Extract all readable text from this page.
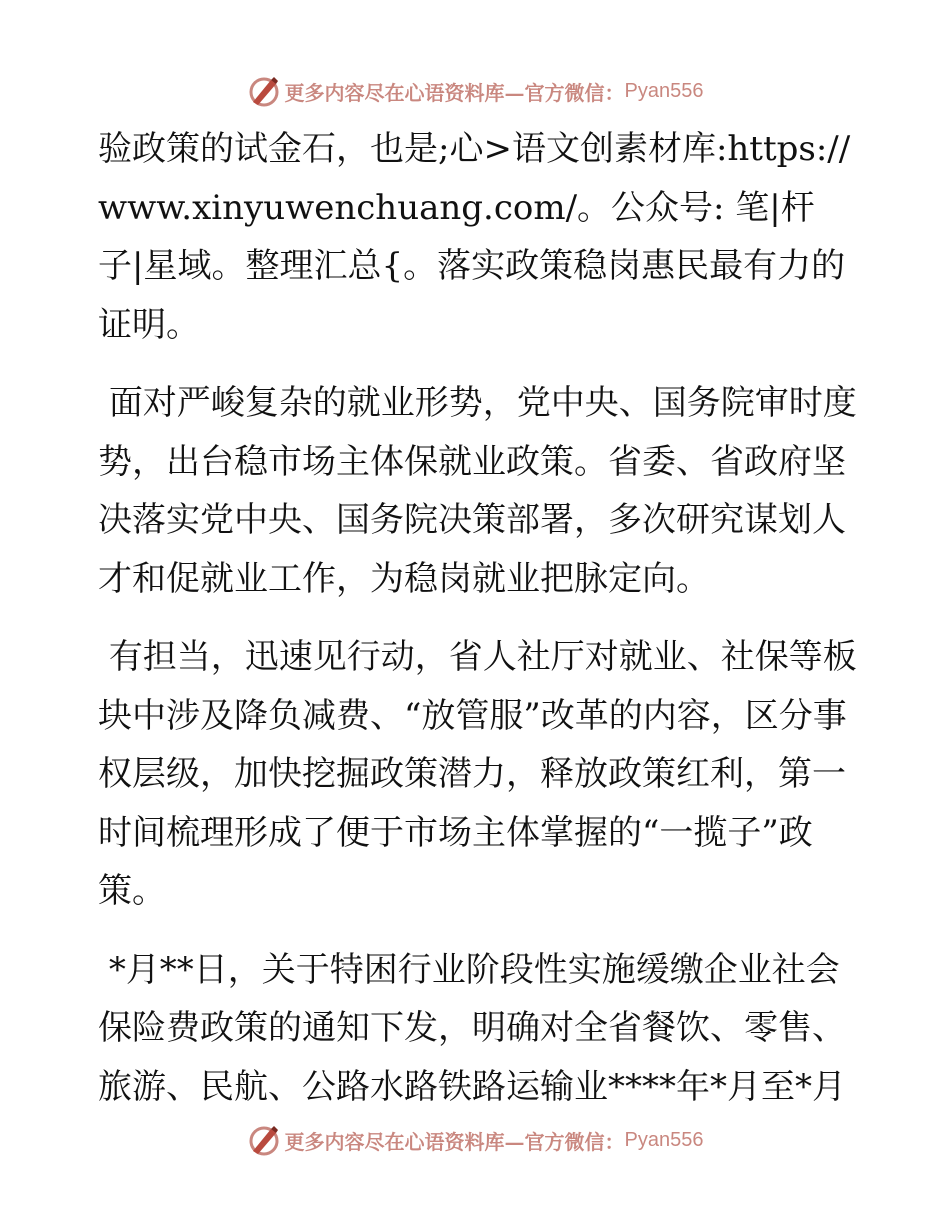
更多内容尽在心语资料库—官方微信： Pyan556

验政策的试金石，也是;心>语文创素材库:https://www.xinyuwenchuang.com/。公众号: 笔|杆子|星域。整理汇总{。落实政策稳岗惠民最有力的证明。

面对严峻复杂的就业形势，党中央、国务院审时度势，出台稳市场主体保就业政策。省委、省政府坚决落实党中央、国务院决策部署，多次研究谋划人才和促就业工作，为稳岗就业把脉定向。

有担当，迅速见行动，省人社厅对就业、社保等板块中涉及降负减费、“放管服”改革的内容，区分事权层级，加快挖掘政策潜力，释放政策红利，第一时间梳理形成了便于市场主体掌握的“一揽子”政策。

*月**日，关于特困行业阶段性实施缓缴企业社会保险费政策的通知下发，明确对全省餐饮、零售、旅游、民航、公路水路铁路运输业****年*月至*月

更多内容尽在心语资料库—官方微信： Pyan556
